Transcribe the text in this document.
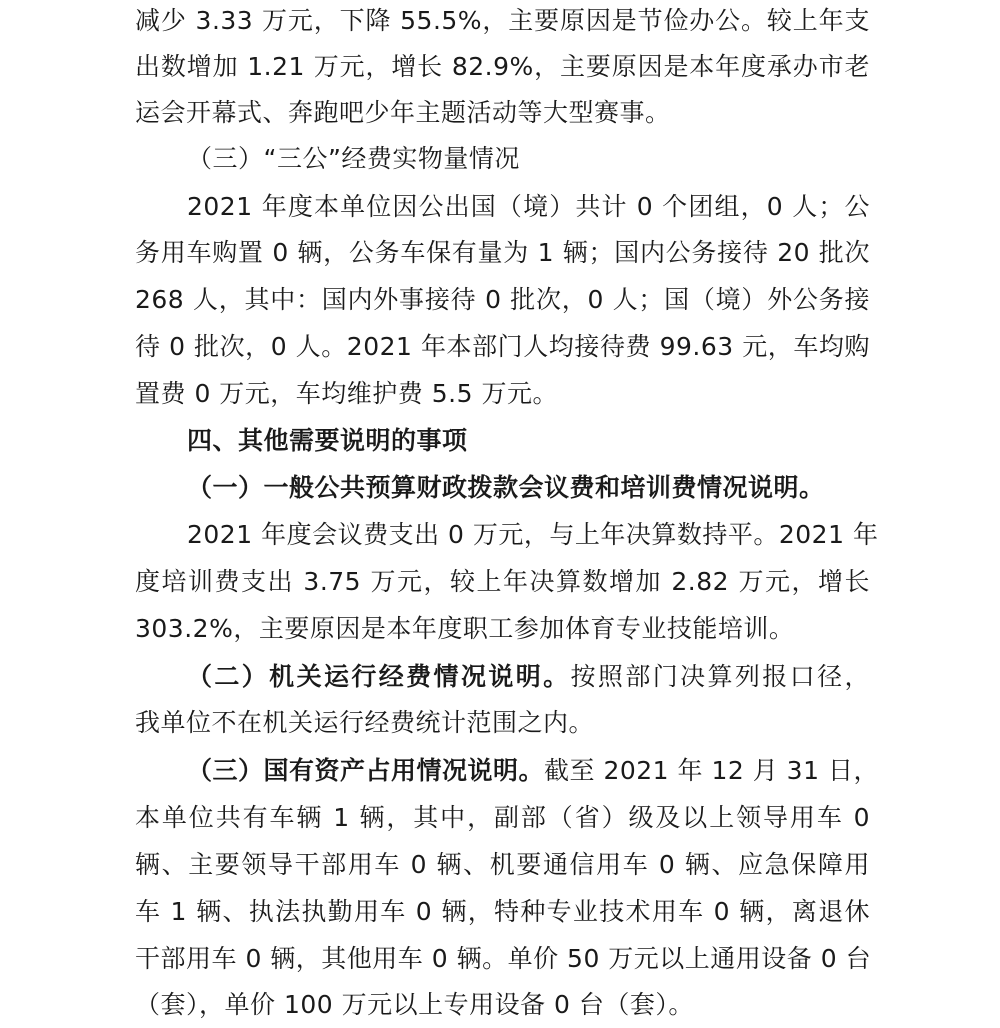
减少 3.33 万元，下降 55.5%，主要原因是节俭办公。较上年支
出数增加 1.21 万元，增长 82.9%，主要原因是本年度承办市老
运会开幕式、奔跑吧少年主题活动等大型赛事。
（三）“三公”经费实物量情况
2021 年度本单位因公出国（境）共计 0 个团组，0 人；公
务用车购置 0 辆，公务车保有量为 1 辆；国内公务接待 20 批次
268 人，其中：国内外事接待 0 批次，0 人；国（境）外公务接
待 0 批次，0 人。2021 年本部门人均接待费 99.63 元，车均购
置费 0 万元，车均维护费 5.5 万元。
四、其他需要说明的事项
（一）一般公共预算财政拨款会议费和培训费情况说明。
2021 年度会议费支出 0 万元，与上年决算数持平。2021 年
度培训费支出 3.75 万元，较上年决算数增加 2.82 万元，增长
303.2%，主要原因是本年度职工参加体育专业技能培训。
（二）机关运行经费情况说明。按照部门决算列报口径，
我单位不在机关运行经费统计范围之内。
（三）国有资产占用情况说明。截至 2021 年 12 月 31 日，
本单位共有车辆 1 辆，其中，副部（省）级及以上领导用车 0
辆、主要领导干部用车 0 辆、机要通信用车 0 辆、应急保障用
车 1 辆、执法执勤用车 0 辆，特种专业技术用车 0 辆，离退休
干部用车 0 辆，其他用车 0 辆。单价 50 万元以上通用设备 0 台
（套），单价 100 万元以上专用设备 0 台（套）。
